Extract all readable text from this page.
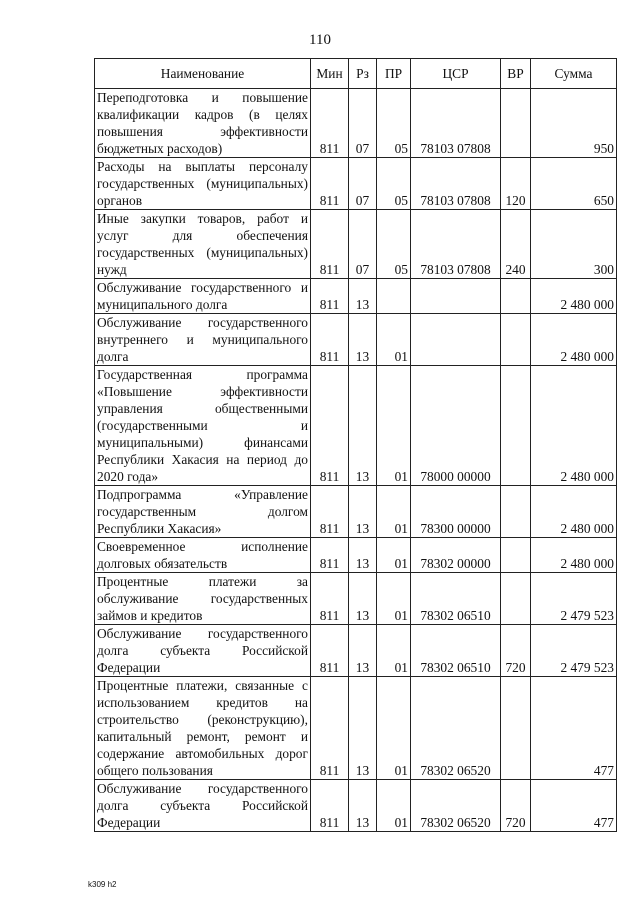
110
Наименование	Мин	Рз	ПР	ЦСР	ВР	Сумма
Переподготовка и повышение квалификации кадров (в целях повышения эффективности бюджетных расходов)	811	07	05	78103 07808		950
Расходы на выплаты персоналу государственных (муниципальных) органов	811	07	05	78103 07808	120	650
Иные закупки товаров, работ и услуг для обеспечения государственных (муниципальных) нужд	811	07	05	78103 07808	240	300
Обслуживание государственного и муниципального долга	811	13				2 480 000
Обслуживание государственного внутреннего и муниципального долга	811	13	01			2 480 000
Государственная программа «Повышение эффективности управления общественными (государственными и муниципальными) финансами Республики Хакасия на период до 2020 года»	811	13	01	78000 00000		2 480 000
Подпрограмма «Управление государственным долгом Республики Хакасия»	811	13	01	78300 00000		2 480 000
Своевременное исполнение долговых обязательств	811	13	01	78302 00000		2 480 000
Процентные платежи за обслуживание государственных займов и кредитов	811	13	01	78302 06510		2 479 523
Обслуживание государственного долга субъекта Российской Федерации	811	13	01	78302 06510	720	2 479 523
Процентные платежи, связанные с использованием кредитов на строительство (реконструкцию), капитальный ремонт, ремонт и содержание автомобильных дорог общего пользования	811	13	01	78302 06520		477
Обслуживание государственного долга субъекта Российской Федерации	811	13	01	78302 06520	720	477
k309 h2
